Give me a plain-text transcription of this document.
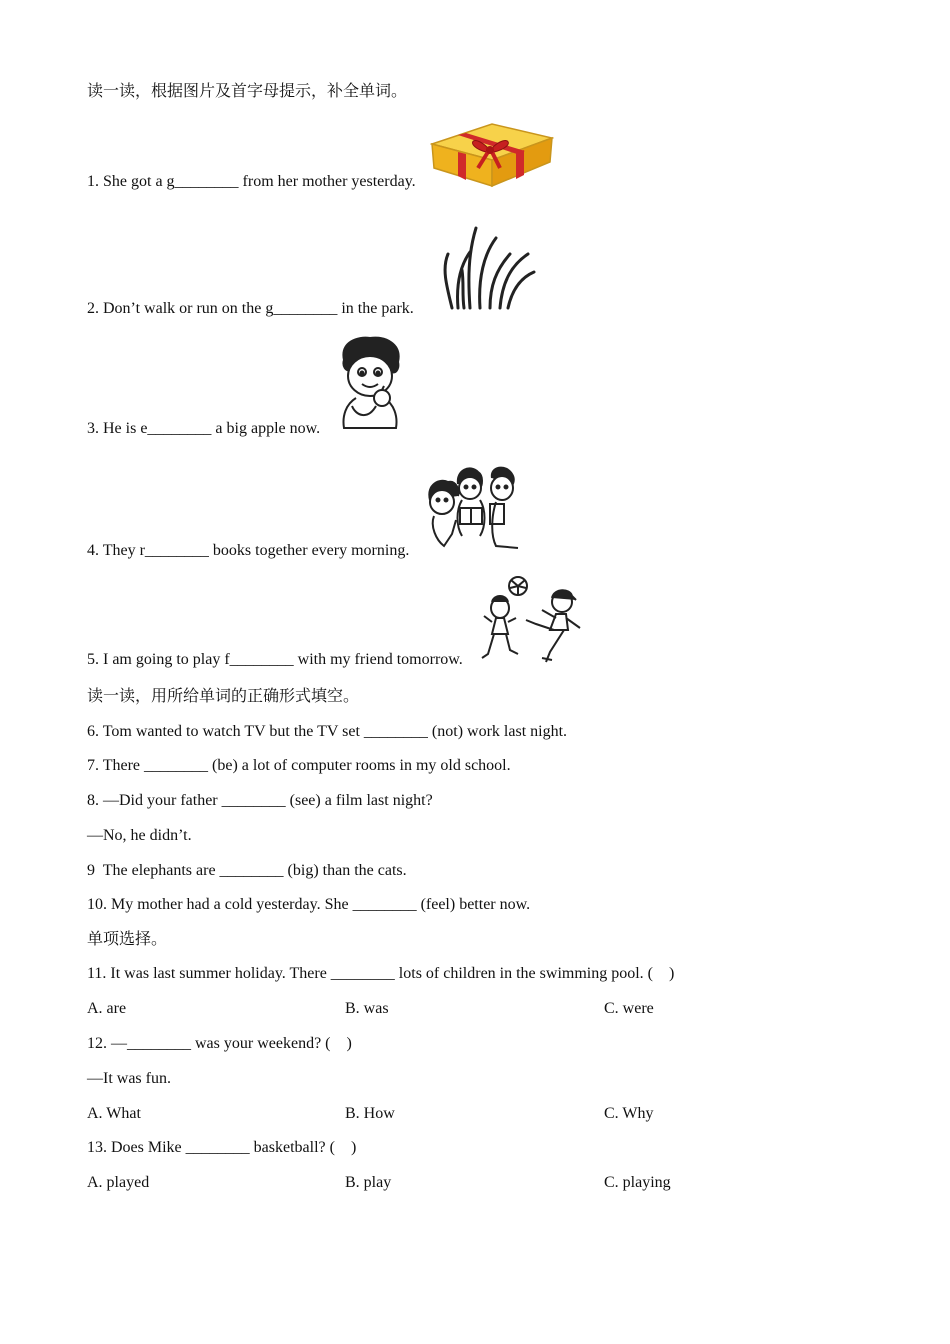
读一读，根据图片及首字母提示，补全单词。
1. She got a g________ from her mother yesterday.
2. Don’t walk or run on the g________ in the park.
3. He is e________ a big apple now.
4. They r________ books together every morning.
5. I am going to play f________ with my friend tomorrow.
读一读，用所给单词的正确形式填空。
6. Tom wanted to watch TV but the TV set ________ (not) work last night.
7. There ________ (be) a lot of computer rooms in my old school.
8. —Did your father ________ (see) a film last night?
—No, he didn’t.
9  The elephants are ________ (big) than the cats.
10. My mother had a cold yesterday. She ________ (feel) better now.
单项选择。
11. It was last summer holiday. There ________ lots of children in the swimming pool. (    )
A. are	B. was	C. were
12. —________ was your weekend? (    )
—It was fun.
A. What	B. How	C. Why
13. Does Mike ________ basketball? (    )
A. played	B. play	C. playing
